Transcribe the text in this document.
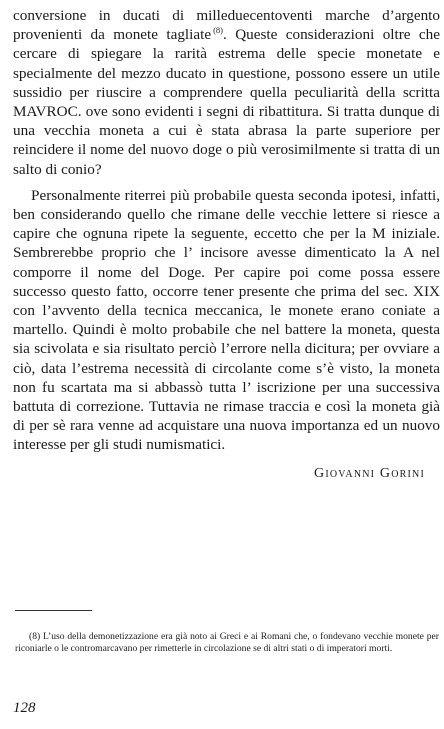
conversione in ducati di milleduecentoventi marche d’argento provenienti da monete tagliate $^{(8)}$. Queste considerazioni oltre che cercare di spiegare la rarità estrema delle specie monetate e specialmente del mezzo ducato in questione, possono essere un utile sussidio per riuscire a comprendere quella peculiarità della scritta MAVROC. ove sono evidenti i segni di ribattitura. Si tratta dunque di una vecchia moneta a cui è stata abrasa la parte superiore per reincidere il nome del nuovo doge o più verosimilmente si tratta di un salto di conio?

Personalmente riterrei più probabile questa seconda ipotesi, infatti, ben considerando quello che rimane delle vecchie lettere si riesce a capire che ognuna ripete la seguente, eccetto che per la M iniziale. Sembrerebbe proprio che l’ incisore avesse dimenticato la A nel comporre il nome del Doge. Per capire poi come possa essere successo questo fatto, occorre tener presente che prima del sec. XIX con l’avvento della tecnica meccanica, le monete erano coniate a martello. Quindi è molto probabile che nel battere la moneta, questa sia scivolata e sia risultato perciò l’errore nella dicitura; per ovviare a ciò, data l’estrema necessità di circolante come s’è visto, la moneta non fu scartata ma si abbassò tutta l’ iscrizione per una successiva battuta di correzione. Tuttavia ne rimase traccia e così la moneta già di per sè rara venne ad acquistare una nuova importanza ed un nuovo interesse per gli studi numismatici.

Giovanni Gorini

(8) L’uso della demonetizzazione era già noto ai Greci e ai Romani che, o fondevano vecchie monete per riconiarle o le contromarcavano per rimetterle in circolazione se di altri stati o di imperatori morti.

128
